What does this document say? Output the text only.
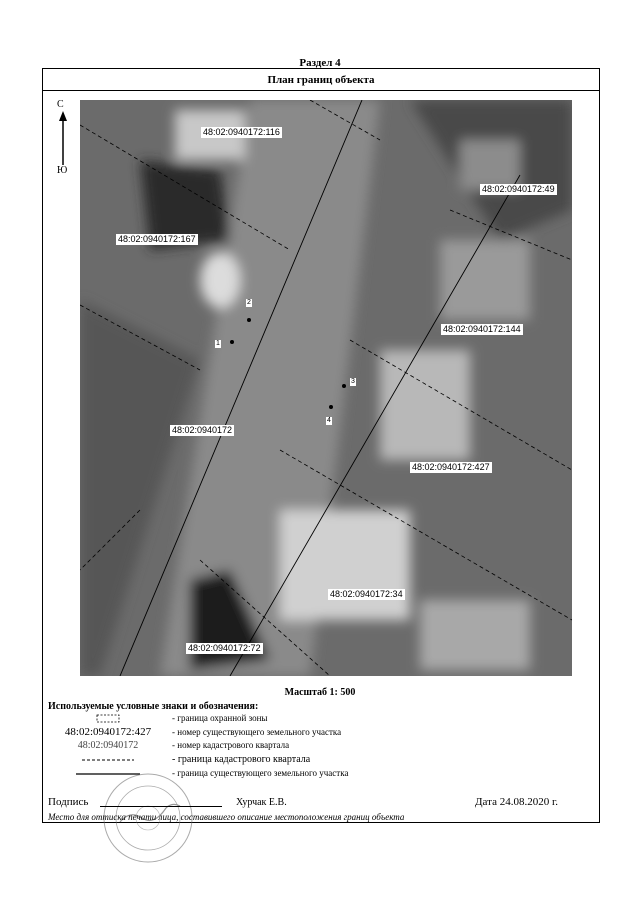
Раздел 4
План границ объекта
С
Ю
48:02:0940172:116
48:02:0940172:49
48:02:0940172:167
48:02:0940172:144
48:02:0940172
48:02:0940172:427
48:02:0940172:34
48:02:0940172:72
1
2
3
4
Масштаб 1: 500
Используемые условные знаки и обозначения:
- граница охранной зоны
48:02:0940172:427	- номер существующего земельного участка
48:02:0940172	- номер кадастрового квартала
- граница кадастрового квартала
- граница существующего земельного участка
Подпись	Хурчак Е.В.	Дата 24.08.2020 г.
Место для оттиска печати лица, составившего описание местоположения границ объекта
